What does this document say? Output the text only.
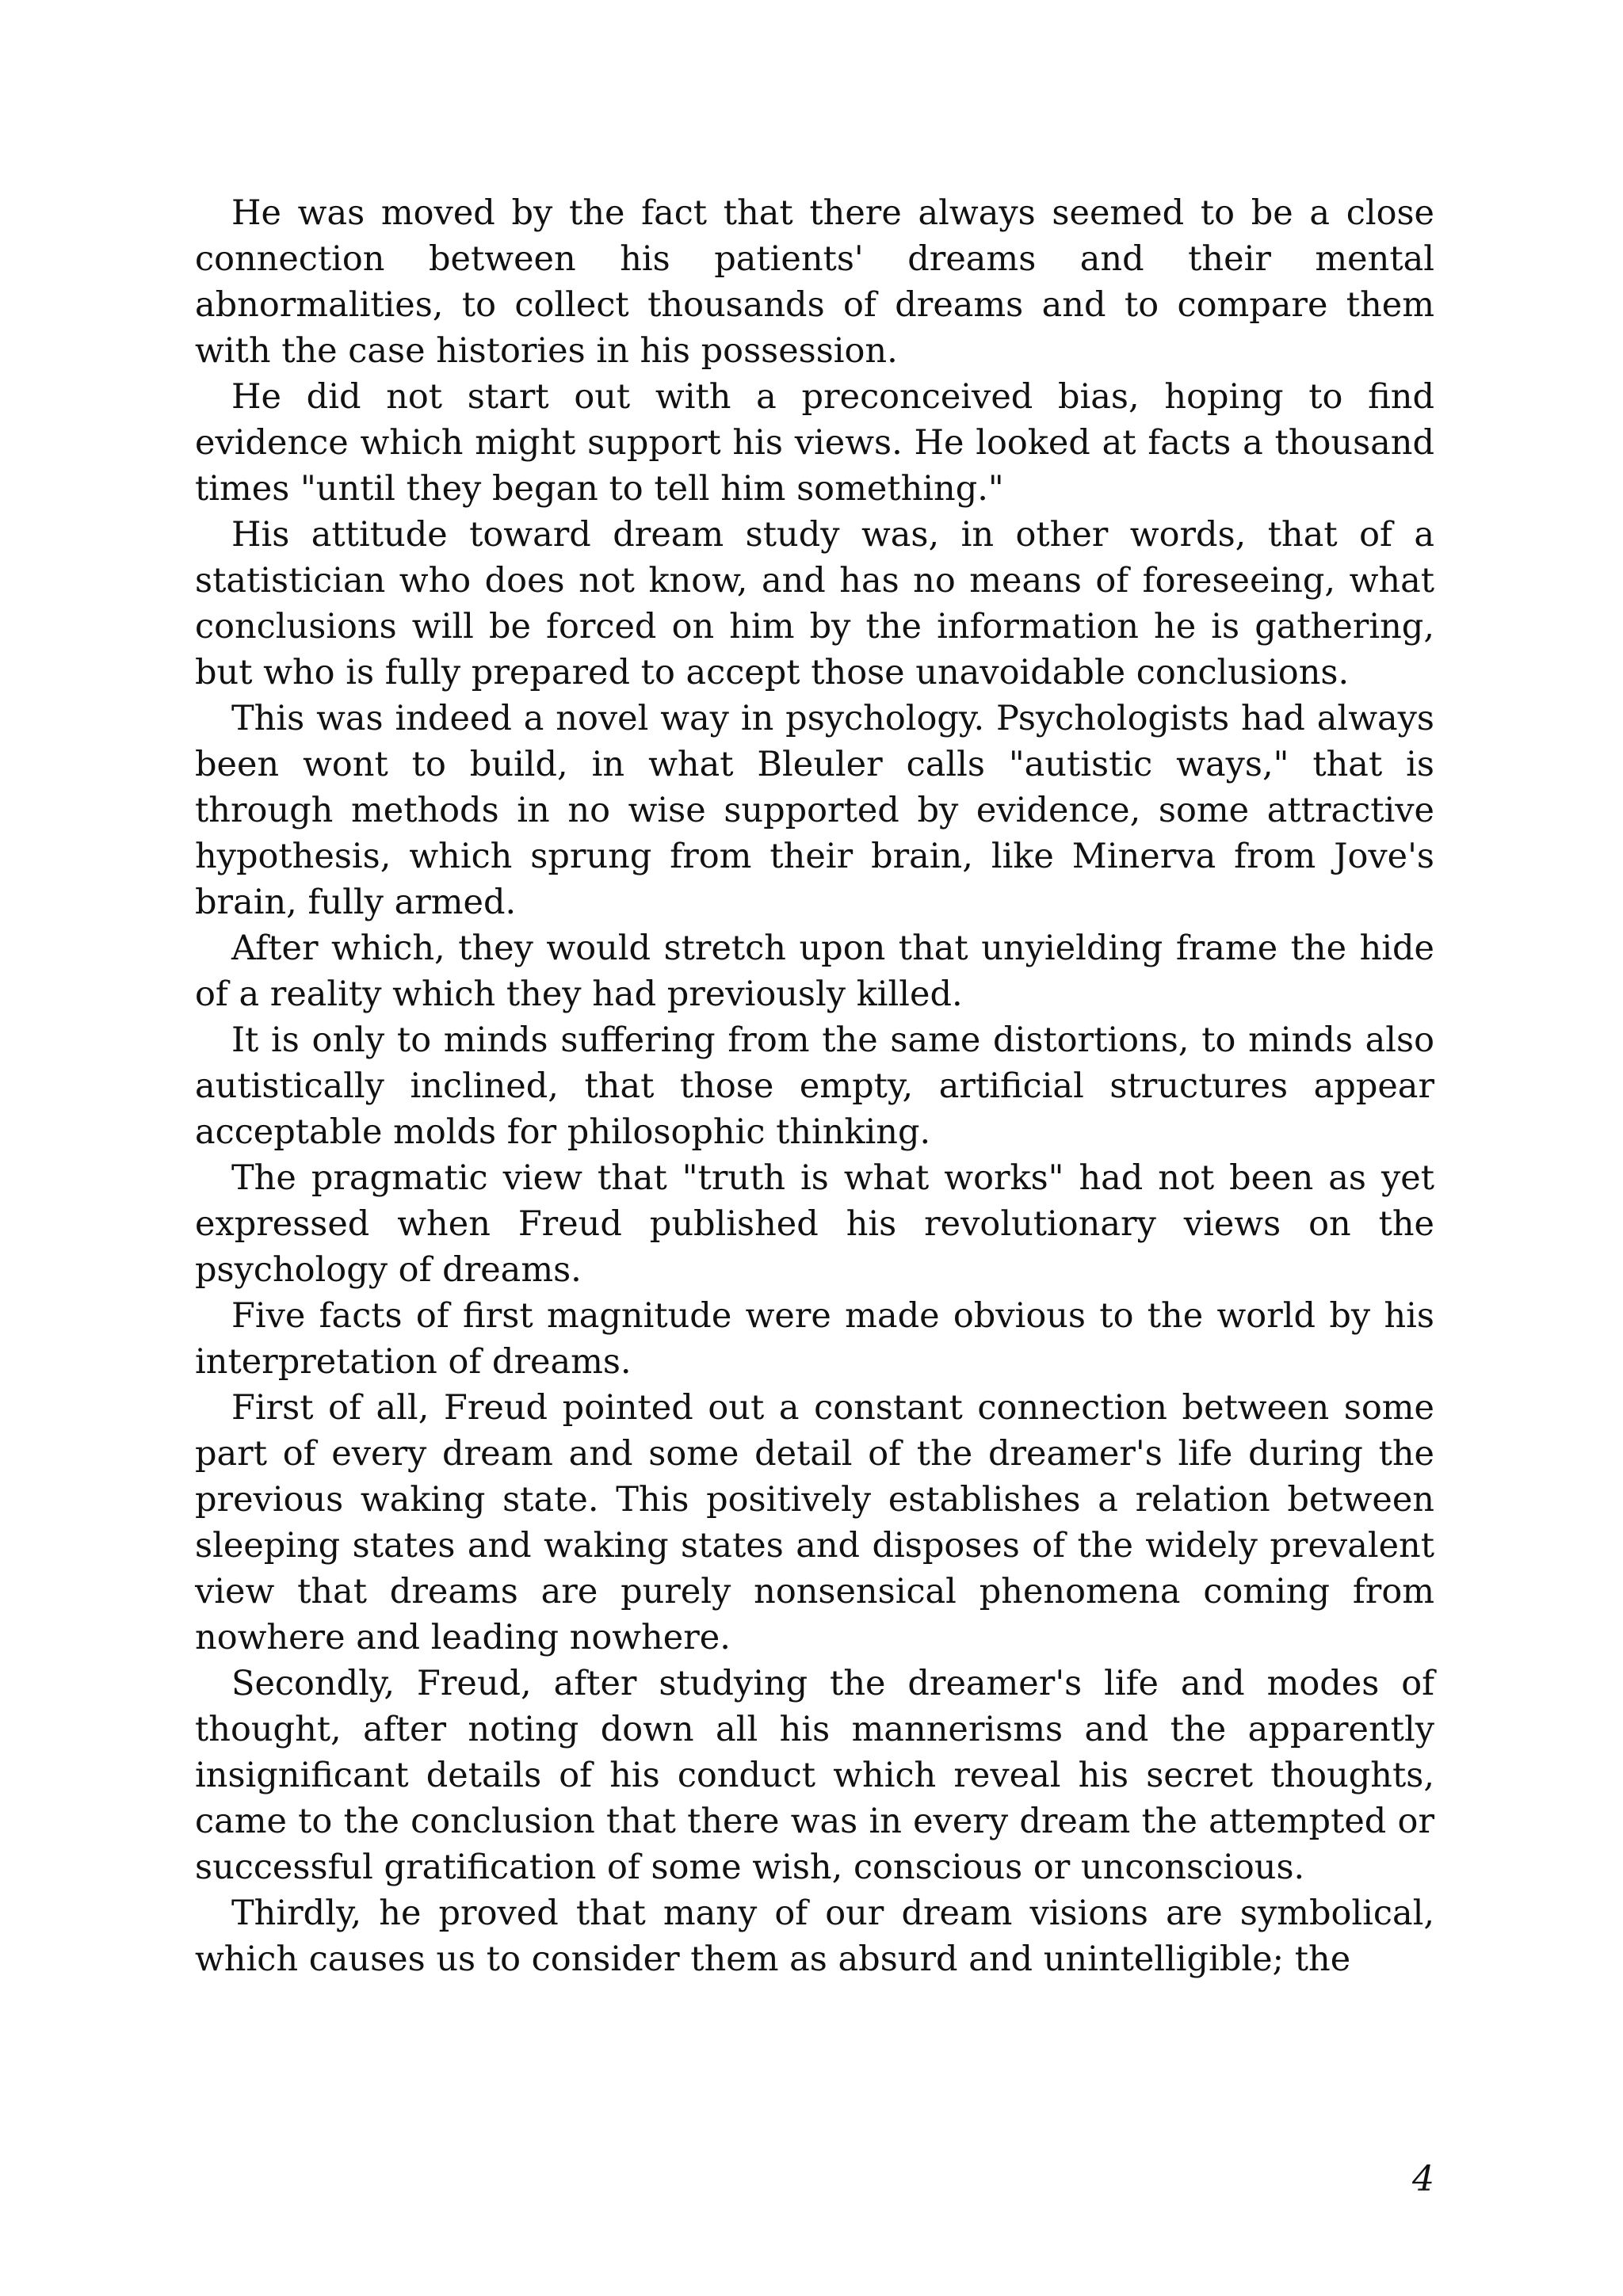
He was moved by the fact that there always seemed to be a close connection between his patients' dreams and their mental abnormalities, to collect thousands of dreams and to compare them with the case histories in his possession.

He did not start out with a preconceived bias, hoping to find evidence which might support his views. He looked at facts a thousand times "until they began to tell him something."

His attitude toward dream study was, in other words, that of a statistician who does not know, and has no means of foreseeing, what conclusions will be forced on him by the information he is gathering, but who is fully prepared to accept those unavoidable conclusions.

This was indeed a novel way in psychology. Psychologists had always been wont to build, in what Bleuler calls "autistic ways," that is through methods in no wise supported by evidence, some attractive hypothesis, which sprung from their brain, like Minerva from Jove's brain, fully armed.

After which, they would stretch upon that unyielding frame the hide of a reality which they had previously killed.

It is only to minds suffering from the same distortions, to minds also autistically inclined, that those empty, artificial structures appear acceptable molds for philosophic thinking.

The pragmatic view that "truth is what works" had not been as yet expressed when Freud published his revolutionary views on the psychology of dreams.

Five facts of first magnitude were made obvious to the world by his interpretation of dreams.

First of all, Freud pointed out a constant connection between some part of every dream and some detail of the dreamer's life during the previous waking state. This positively establishes a relation between sleeping states and waking states and disposes of the widely prevalent view that dreams are purely nonsensical phenomena coming from nowhere and leading nowhere.

Secondly, Freud, after studying the dreamer's life and modes of thought, after noting down all his mannerisms and the apparently insignificant details of his conduct which reveal his secret thoughts, came to the conclusion that there was in every dream the attempted or successful gratification of some wish, conscious or unconscious.

Thirdly, he proved that many of our dream visions are symbolical, which causes us to consider them as absurd and unintelligible; the

4
